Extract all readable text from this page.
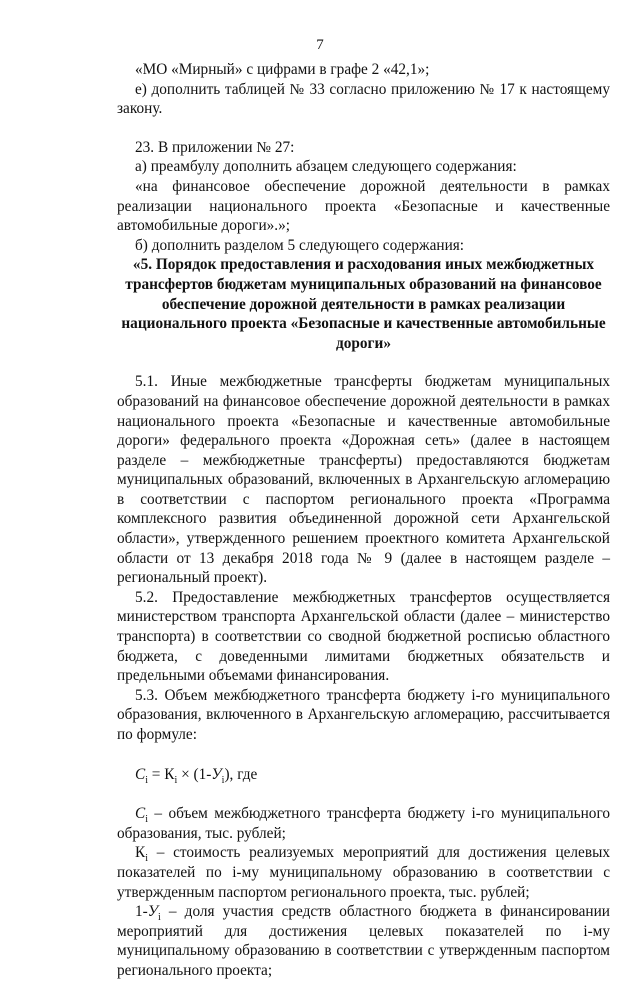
7

«МО «Мирный» с цифрами в графе 2 «42,1»;

е) дополнить таблицей № 33 согласно приложению № 17 к настоящему закону.

23. В приложении № 27:

а) преамбулу дополнить абзацем следующего содержания:

«на финансовое обеспечение дорожной деятельности в рамках реализации национального проекта «Безопасные и качественные автомобильные дороги».»;

б) дополнить разделом 5 следующего содержания:

«5. Порядок предоставления и расходования иных межбюджетных трансфертов бюджетам муниципальных образований на финансовое обеспечение дорожной деятельности в рамках реализации национального проекта «Безопасные и качественные автомобильные дороги»

5.1. Иные межбюджетные трансферты бюджетам муниципальных образований на финансовое обеспечение дорожной деятельности в рамках национального проекта «Безопасные и качественные автомобильные дороги» федерального проекта «Дорожная сеть» (далее в настоящем разделе – межбюджетные трансферты) предоставляются бюджетам муниципальных образований, включенных в Архангельскую агломерацию в соответствии с паспортом регионального проекта «Программа комплексного развития объединенной дорожной сети Архангельской области», утвержденного решением проектного комитета Архангельской области от 13 декабря 2018 года № 9 (далее в настоящем разделе – региональный проект).

5.2. Предоставление межбюджетных трансфертов осуществляется министерством транспорта Архангельской области (далее – министерство транспорта) в соответствии со сводной бюджетной росписью областного бюджета, с доведенными лимитами бюджетных обязательств и предельными объемами финансирования.

5.3. Объем межбюджетного трансферта бюджету i-го муниципального образования, включенного в Архангельскую агломерацию, рассчитывается по формуле:

$С_i = К_i \times (1-У_i)$, где

$С_i$ – объем межбюджетного трансферта бюджету i-го муниципального образования, тыс. рублей;

$К_i$ – стоимость реализуемых мероприятий для достижения целевых показателей по i-му муниципальному образованию в соответствии с утвержденным паспортом регионального проекта, тыс. рублей;

$1-У_i$ – доля участия средств областного бюджета в финансировании мероприятий для достижения целевых показателей по i-му муниципальному образованию в соответствии с утвержденным паспортом регионального проекта;
